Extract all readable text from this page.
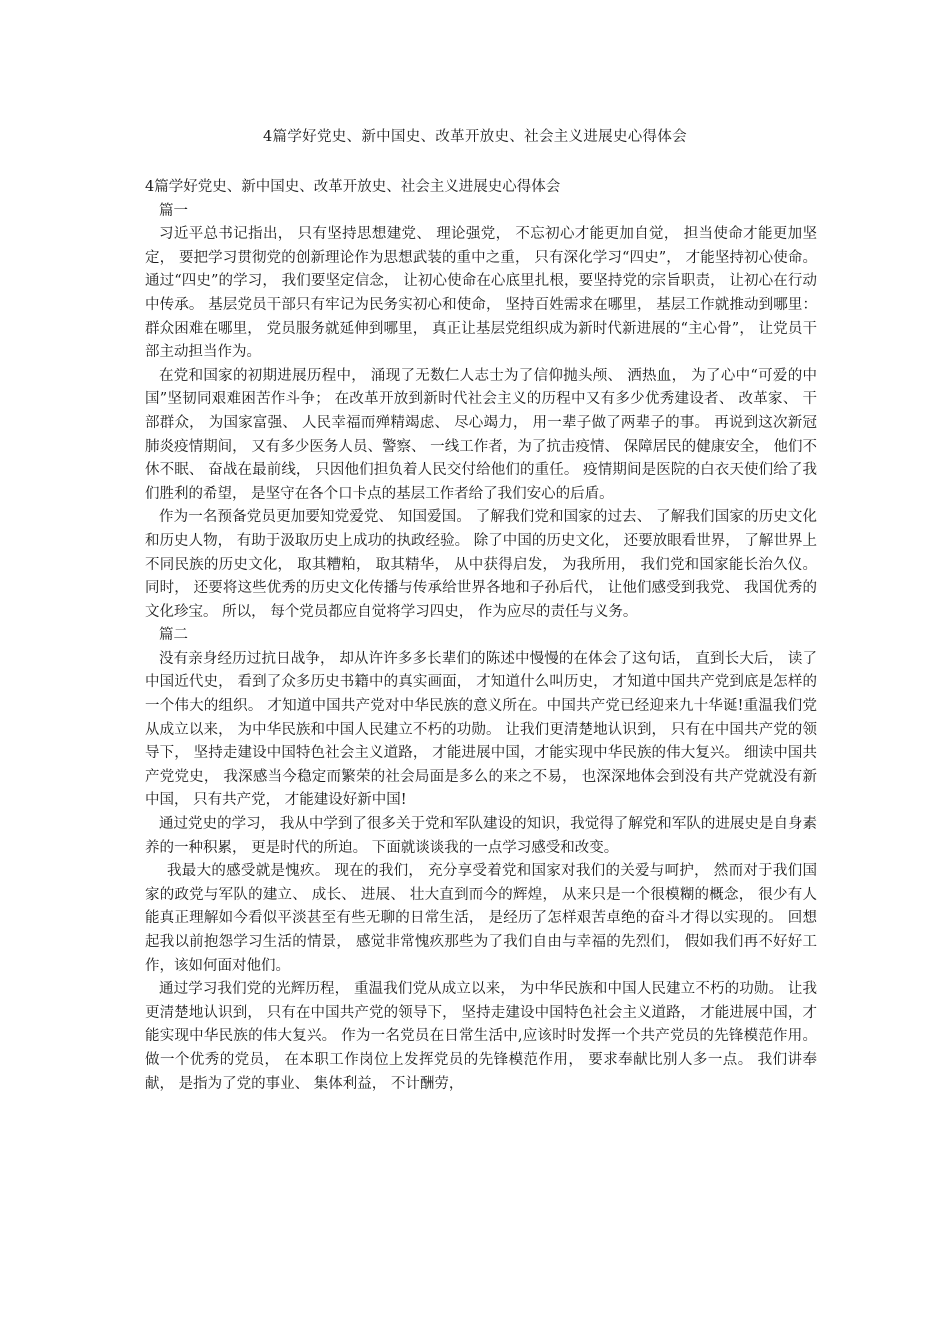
4篇学好党史、新中国史、改革开放史、社会主义进展史心得体会

4篇学好党史、新中国史、改革开放史、社会主义进展史心得体会

篇一

习近平总书记指出， 只有坚持思想建党、 理论强党， 不忘初心才能更加自觉， 担当使命才能更加坚定， 要把学习贯彻党的创新理论作为思想武装的重中之重， 只有深化学习“四史”， 才能坚持初心使命。通过“四史”的学习， 我们要坚定信念， 让初心使命在心底里扎根，要坚持党的宗旨职责， 让初心在行动中传承。 基层党员干部只有牢记为民务实初心和使命， 坚持百姓需求在哪里， 基层工作就推动到哪里：群众困难在哪里， 党员服务就延伸到哪里， 真正让基层党组织成为新时代新进展的“主心骨”， 让党员干部主动担当作为。

在党和国家的初期进展历程中， 涌现了无数仁人志士为了信仰抛头颅、 洒热血， 为了心中“可爱的中国”坚韧同艰难困苦作斗争； 在改革开放到新时代社会主义的历程中又有多少优秀建设者、 改革家、 干部群众， 为国家富强、 人民幸福而殚精竭虑、 尽心竭力， 用一辈子做了两辈子的事。 再说到这次新冠肺炎疫情期间， 又有多少医务人员、警察、 一线工作者，为了抗击疫情、 保障居民的健康安全， 他们不休不眠、 奋战在最前线， 只因他们担负着人民交付给他们的重任。 疫情期间是医院的白衣天使们给了我们胜利的希望， 是坚守在各个口卡点的基层工作者给了我们安心的后盾。

作为一名预备党员更加要知党爱党、 知国爱国。 了解我们党和国家的过去、 了解我们国家的历史文化和历史人物， 有助于汲取历史上成功的执政经验。 除了中国的历史文化， 还要放眼看世界， 了解世界上不同民族的历史文化， 取其糟粕， 取其精华， 从中获得启发， 为我所用， 我们党和国家能长治久仪。 同时， 还要将这些优秀的历史文化传播与传承给世界各地和子孙后代， 让他们感受到我党、 我国优秀的文化珍宝。 所以， 每个党员都应自觉将学习四史， 作为应尽的责任与义务。

篇二

没有亲身经历过抗日战争， 却从许许多多长辈们的陈述中慢慢的在体会了这句话， 直到长大后， 读了中国近代史， 看到了众多历史书籍中的真实画面， 才知道什么叫历史， 才知道中国共产党到底是怎样的一个伟大的组织。 才知道中国共产党对中华民族的意义所在。中国共产党已经迎来九十华诞!重温我们党从成立以来， 为中华民族和中国人民建立不朽的功勋。 让我们更清楚地认识到， 只有在中国共产党的领导下， 坚持走建设中国特色社会主义道路， 才能进展中国，才能实现中华民族的伟大复兴。 细读中国共产党党史， 我深感当今稳定而繁荣的社会局面是多么的来之不易， 也深深地体会到没有共产党就没有新中国， 只有共产党， 才能建设好新中国!

通过党史的学习， 我从中学到了很多关于党和军队建设的知识，我觉得了解党和军队的进展史是自身素养的一种积累， 更是时代的所迫。 下面就谈谈我的一点学习感受和改变。

我最大的感受就是愧疚。 现在的我们， 充分享受着党和国家对我们的关爱与呵护， 然而对于我们国家的政党与军队的建立、 成长、 进展、 壮大直到而今的辉煌， 从来只是一个很模糊的概念， 很少有人能真正理解如今看似平淡甚至有些无聊的日常生活， 是经历了怎样艰苦卓绝的奋斗才得以实现的。 回想起我以前抱怨学习生活的情景， 感觉非常愧疚那些为了我们自由与幸福的先烈们， 假如我们再不好好工作，该如何面对他们。

通过学习我们党的光辉历程， 重温我们党从成立以来， 为中华民族和中国人民建立不朽的功勋。 让我更清楚地认识到， 只有在中国共产党的领导下， 坚持走建设中国特色社会主义道路， 才能进展中国，才能实现中华民族的伟大复兴。 作为一名党员在日常生活中,应该时时发挥一个共产党员的先锋模范作用。 做一个优秀的党员， 在本职工作岗位上发挥党员的先锋模范作用， 要求奉献比别人多一点。 我们讲奉献， 是指为了党的事业、 集体利益， 不计酬劳，
